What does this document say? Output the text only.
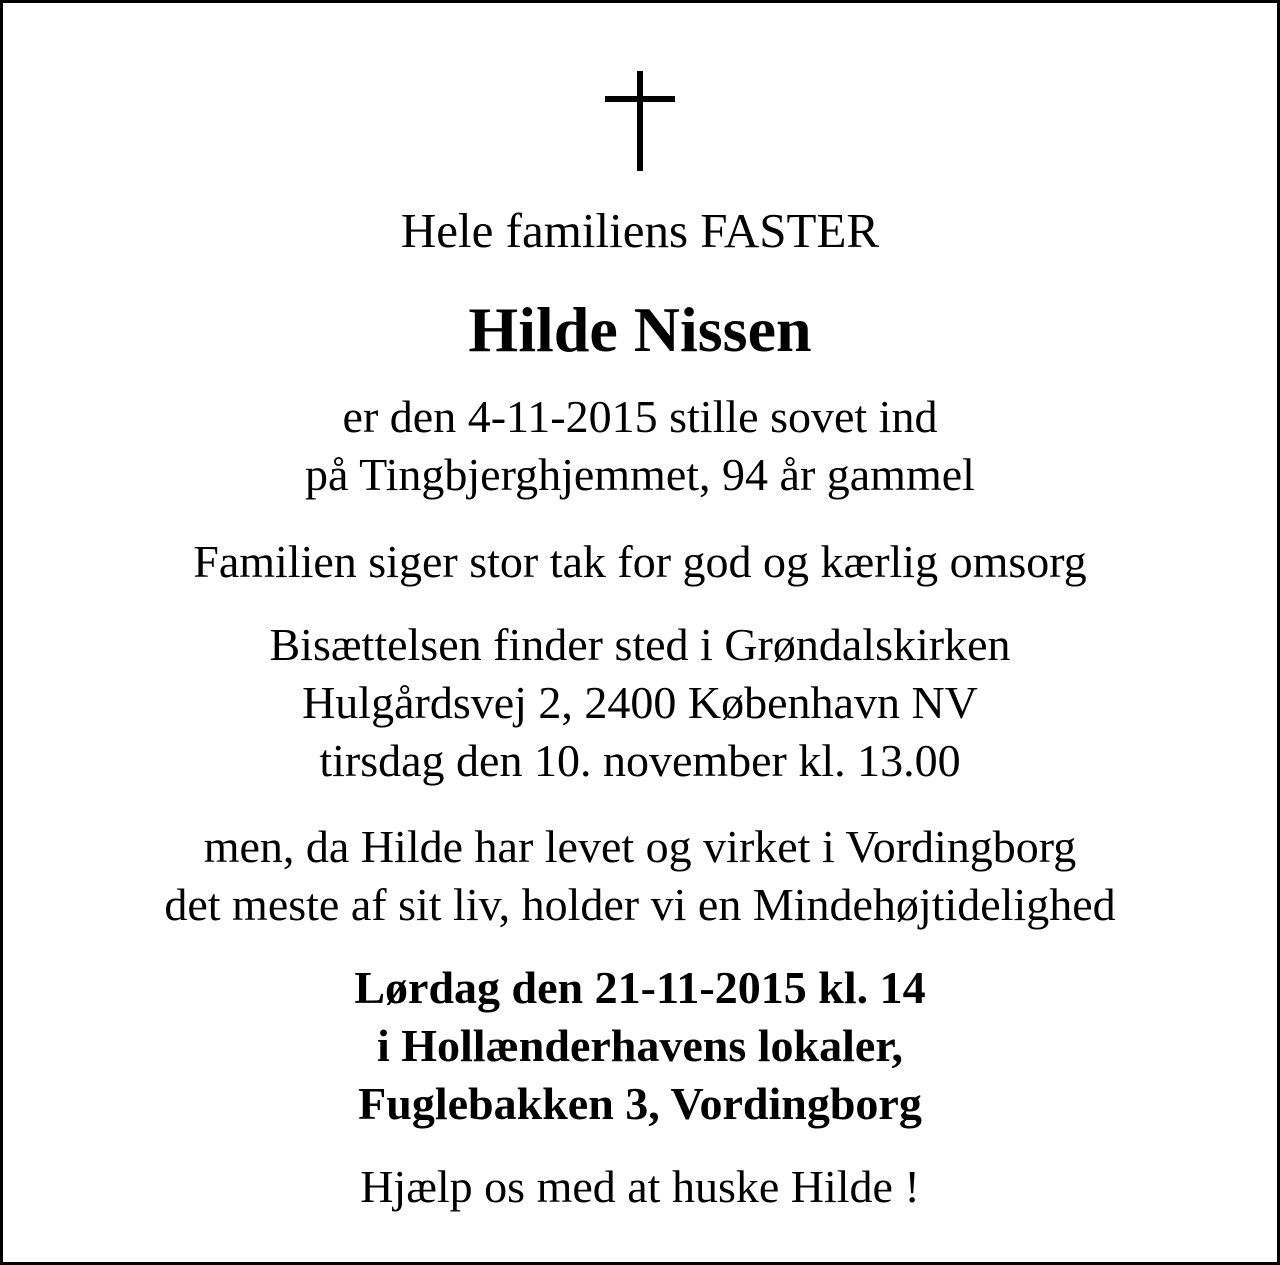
Hele familiens FASTER
Hilde Nissen
er den 4-11-2015 stille sovet ind
på Tingbjerghjemmet, 94 år gammel
Familien siger stor tak for god og kærlig omsorg
Bisættelsen finder sted i Grøndalskirken
Hulgårdsvej 2, 2400 København NV
tirsdag den 10. november kl. 13.00
men, da Hilde har levet og virket i Vordingborg
det meste af sit liv, holder vi en Mindehøjtidelighed
Lørdag den 21-11-2015 kl. 14
i Hollænderhavens lokaler,
Fuglebakken 3, Vordingborg
Hjælp os med at huske Hilde !
